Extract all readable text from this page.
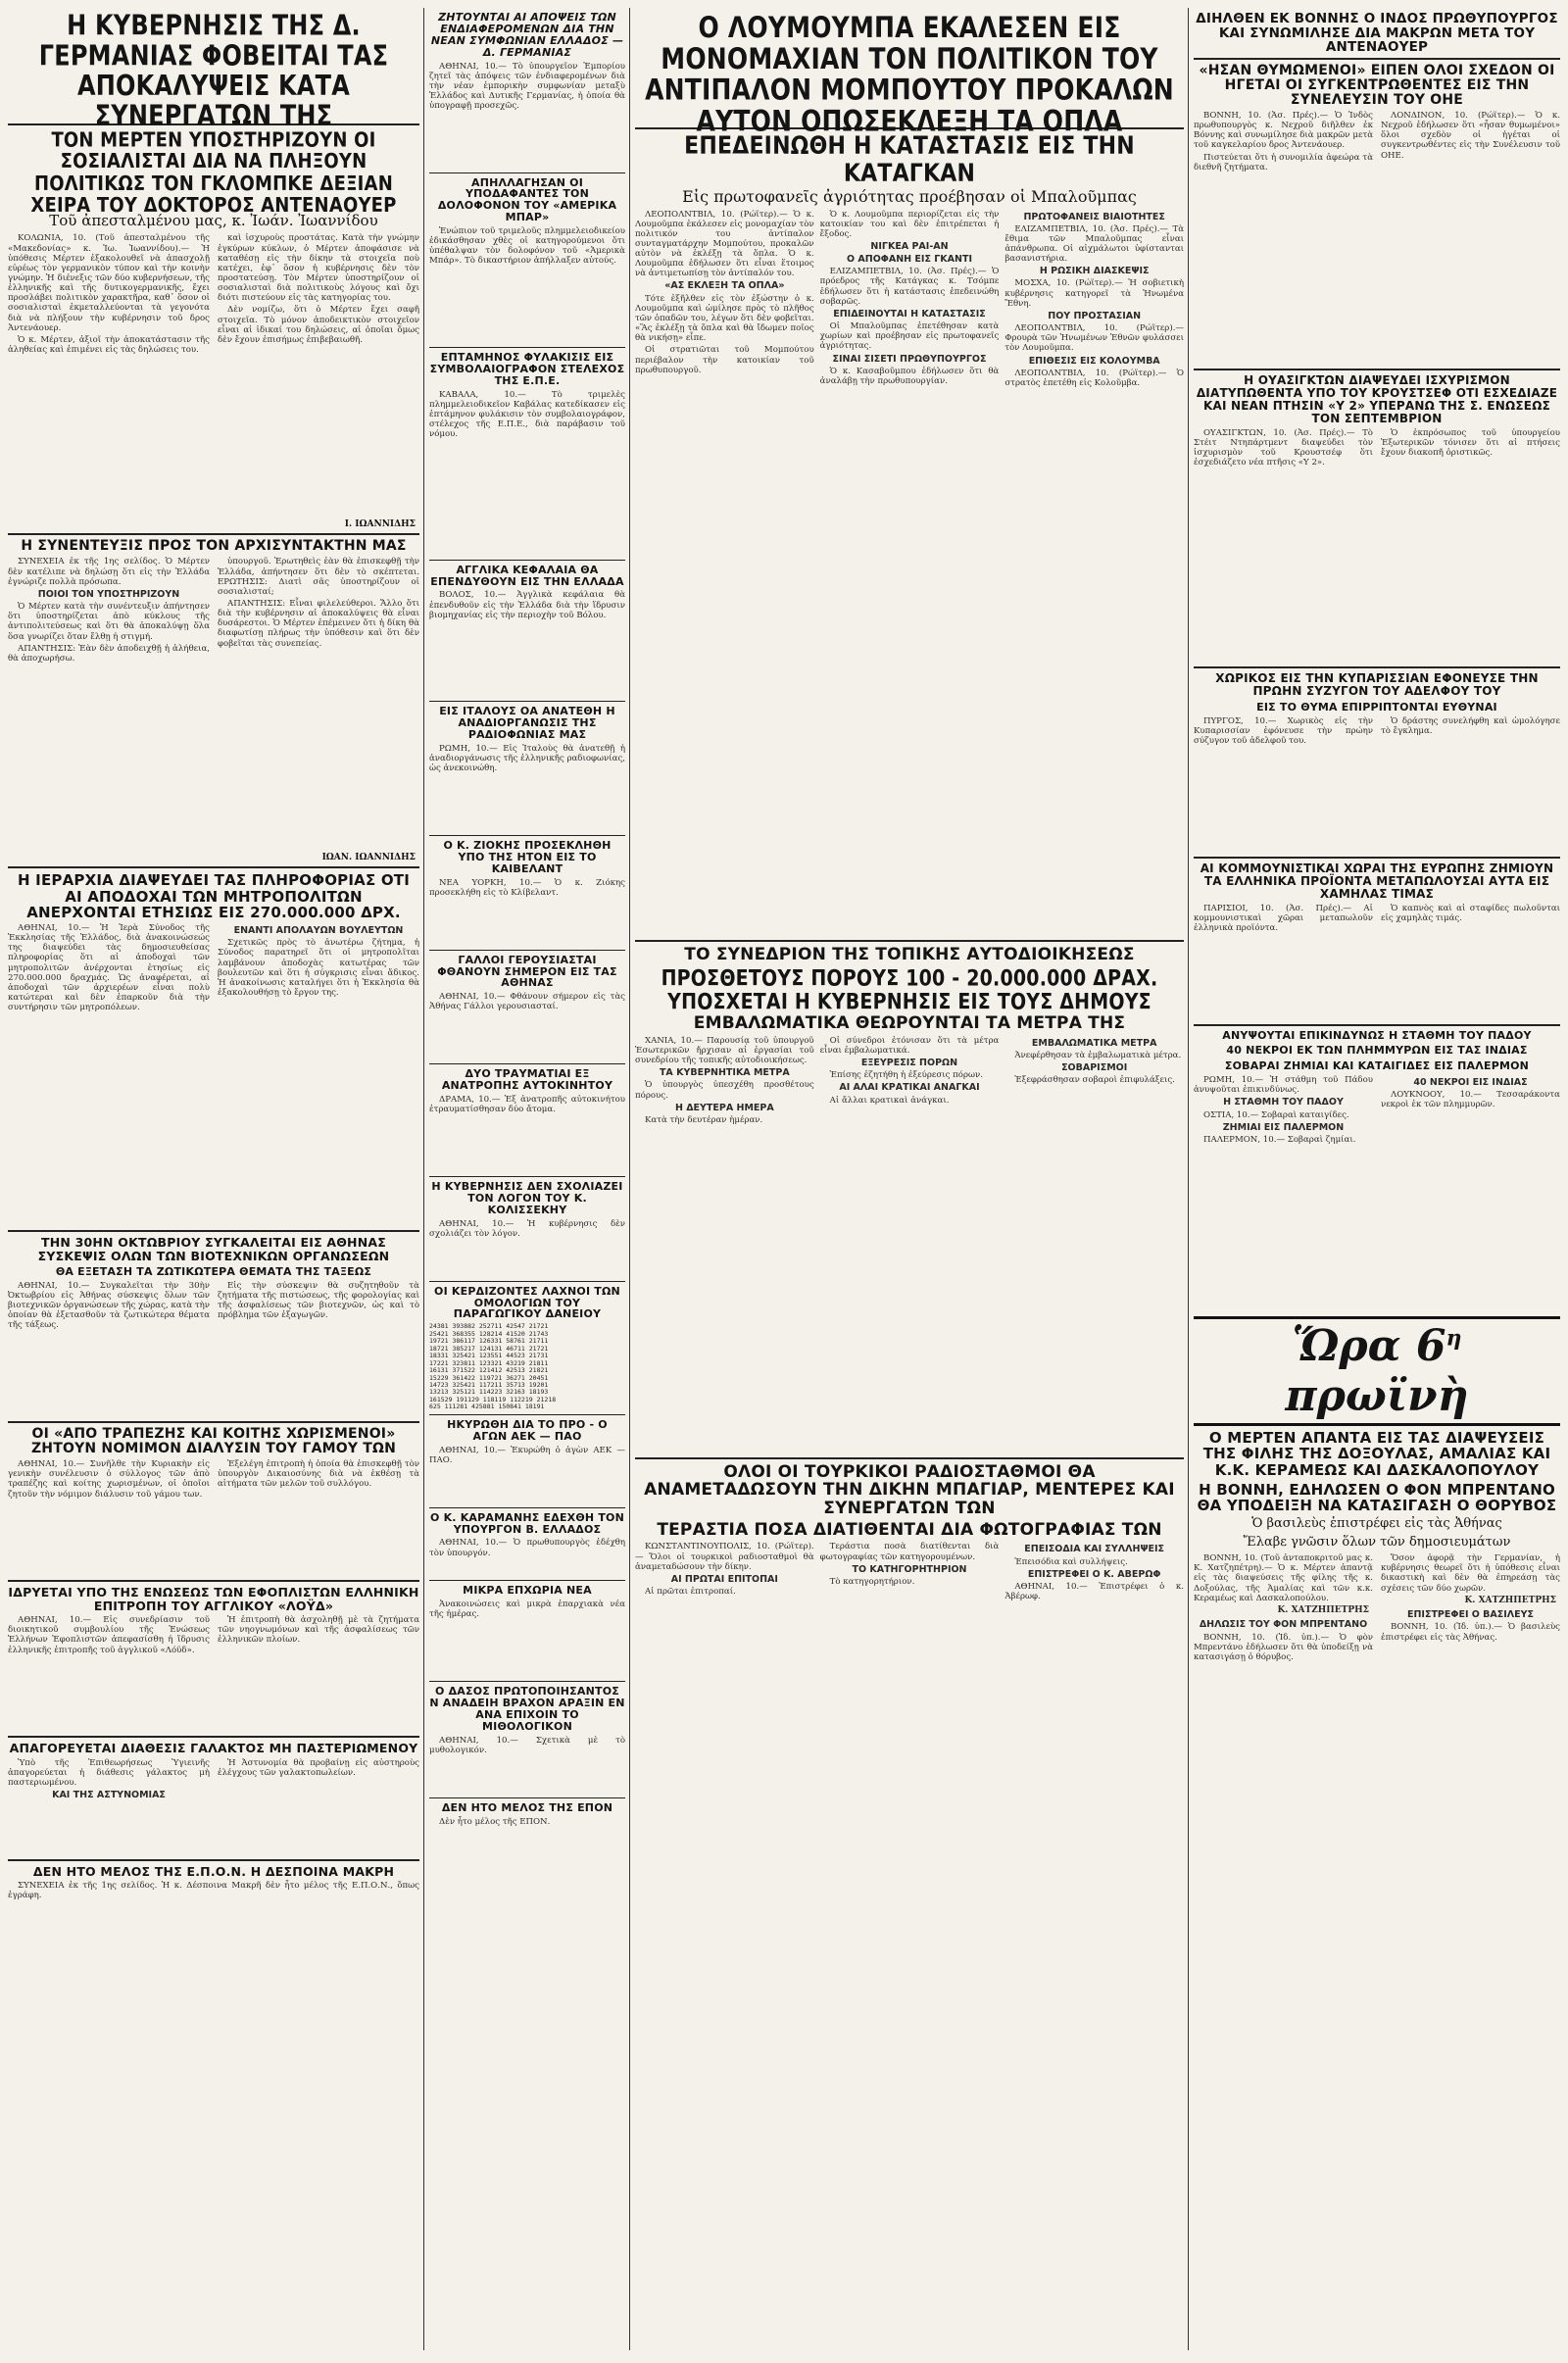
Η ΚΥΒΕΡΝΗΣΙΣ ΤΗΣ Δ. ΓΕΡΜΑΝΙΑΣ ΦΟΒΕΙΤΑΙ ΤΑΣ ΑΠΟΚΑΛΥΨΕΙΣ ΚΑΤΑ ΣΥΝΕΡΓΑΤΩΝ ΤΗΣ
ΤΟΝ ΜΕΡΤΕΝ ΥΠΟΣΤΗΡΙΖΟΥΝ ΟΙ ΣΟΣΙΑΛΙΣΤΑΙ ΔΙΑ ΝΑ ΠΛΗΞΟΥΝ ΠΟΛΙΤΙΚΩΣ ΤΟΝ ΓΚΛΟΜΠΚΕ ΔΕΞΙΑΝ ΧΕΙΡΑ ΤΟΥ ΔΟΚΤΟΡΟΣ ΑΝΤΕΝΑΟΥΕΡ
Τοῦ ἀπεσταλμένου μας, κ. Ἰωάν. Ἰωαννίδου

ΚΟΛΩΝΙΑ, 10. (Τοῦ ἀπεσταλμένου τῆς «Μακεδονίας» κ. Ἰω. Ἰωαννίδου).— Ἡ ὑπόθεσις Μέρτεν ἐξακολουθεῖ νὰ ἀπασχολῇ εὐρέως τὸν γερμανικὸν τύπον καὶ τὴν κοινὴν γνώμην. Ἡ διένεξις τῶν δύο κυβερνήσεων, τῆς ἑλληνικῆς καὶ τῆς δυτικογερμανικῆς, ἔχει προσλάβει πολιτικὸν χαρακτῆρα, καθ᾽ ὅσον οἱ σοσιαλισταὶ ἐκμεταλλεύονται τὰ γεγονότα διὰ νὰ πλήξουν τὴν κυβέρνησιν τοῦ δρος Ἀντενάουερ.

Ὁ κ. Μέρτεν, ἀξιοῖ τὴν ἀποκατάστασιν τῆς ἀληθείας καὶ ἐπιμένει εἰς τὰς δηλώσεις του.

καὶ ἰσχυροὺς προστάτας. Κατὰ τὴν γνώμην ἐγκύρων κύκλων, ὁ Μέρτεν ἀποφάσισε νὰ καταθέσῃ εἰς τὴν δίκην τὰ στοιχεῖα ποὺ κατέχει, ἐφ᾽ ὅσον ἡ κυβέρνησις δὲν τὸν προστατεύσῃ. Τὸν Μέρτεν ὑποστηρίζουν οἱ σοσιαλισταὶ διὰ πολιτικοὺς λόγους καὶ ὄχι διότι πιστεύουν εἰς τὰς κατηγορίας του.

Δὲν νομίζω, ὅτι ὁ Μέρτεν ἔχει σαφῆ στοιχεῖα. Τὸ μόνον ἀποδεικτικὸν στοιχεῖον εἶναι αἱ ἰδικαί του δηλώσεις, αἱ ὁποῖαι ὅμως δὲν ἔχουν ἐπισήμως ἐπιβεβαιωθῆ.

Ι. ΙΩΑΝΝΙΔΗΣ
Η ΣΥΝΕΝΤΕΥΞΙΣ ΠΡΟΣ ΤΟΝ ΑΡΧΙΣΥΝΤΑΚΤΗΝ ΜΑΣ

ΣΥΝΕΧΕΙΑ ἐκ τῆς 1ης σελίδος. Ὁ Μέρτεν δὲν κατέλιπε νὰ δηλώσῃ ὅτι εἰς τὴν Ἑλλάδα ἐγνώριζε πολλὰ πρόσωπα.

ΠΟΙΟΙ ΤΟΝ ΥΠΟΣΤΗΡΙΖΟΥΝ

Ὁ Μέρτεν κατὰ τὴν συνέντευξιν ἀπήντησεν ὅτι ὑποστηρίζεται ἀπὸ κύκλους τῆς ἀντιπολιτεύσεως καὶ ὅτι θὰ ἀποκαλύψῃ ὅλα ὅσα γνωρίζει ὅταν ἔλθῃ ἡ στιγμή.

ΑΠΑΝΤΗΣΙΣ: Ἐὰν δὲν ἀποδειχθῇ ἡ ἀλήθεια, θὰ ἀποχωρήσω.

ὑπουργοῦ. Ἐρωτηθεὶς ἐὰν θὰ ἐπισκεφθῇ τὴν Ἑλλάδα, ἀπήντησεν ὅτι δὲν τὸ σκέπτεται. ΕΡΩΤΗΣΙΣ: Διατὶ σᾶς ὑποστηρίζουν οἱ σοσιαλισταί;

ΑΠΑΝΤΗΣΙΣ: Εἶναι φιλελεύθεροι. Ἄλλο ὅτι διὰ τὴν κυβέρνησιν αἱ ἀποκαλύψεις θὰ εἶναι δυσάρεστοι. Ὁ Μέρτεν ἐπέμεινεν ὅτι ἡ δίκη θὰ διαφωτίσῃ πλήρως τὴν ὑπόθεσιν καὶ ὅτι δὲν φοβεῖται τὰς συνεπείας.

ΙΩΑΝ. ΙΩΑΝΝΙΔΗΣ
Η ΙΕΡΑΡΧΙΑ ΔΙΑΨΕΥΔΕΙ ΤΑΣ ΠΛΗΡΟΦΟΡΙΑΣ ΟΤΙ ΑΙ ΑΠΟΔΟΧΑΙ ΤΩΝ ΜΗΤΡΟΠΟΛΙΤΩΝ ΑΝΕΡΧΟΝΤΑΙ ΕΤΗΣΙΩΣ ΕΙΣ 270.000.000 ΔΡΧ.

ΑΘΗΝΑΙ, 10.— Ἡ Ἱερὰ Σύνοδος τῆς Ἐκκλησίας τῆς Ἑλλάδος, διὰ ἀνακοινώσεώς της διαψεύδει τὰς δημοσιευθείσας πληροφορίας ὅτι αἱ ἀποδοχαὶ τῶν μητροπολιτῶν ἀνέρχονται ἐτησίως εἰς 270.000.000 δραχμάς. Ὡς ἀναφέρεται, αἱ ἀποδοχαὶ τῶν ἀρχιερέων εἶναι πολὺ κατώτεραι καὶ δὲν ἐπαρκοῦν διὰ τὴν συντήρησιν τῶν μητροπόλεων.

ΕΝΑΝΤΙ ΑΠΟΛΑΥΩΝ ΒΟΥΛΕΥΤΩΝ

Σχετικῶς πρὸς τὸ ἀνωτέρω ζήτημα, ἡ Σύνοδος παρατηρεῖ ὅτι οἱ μητροπολῖται λαμβάνουν ἀποδοχὰς κατωτέρας τῶν βουλευτῶν καὶ ὅτι ἡ σύγκρισις εἶναι ἄδικος. Ἡ ἀνακοίνωσις καταλήγει ὅτι ἡ Ἐκκλησία θὰ ἐξακολουθήσῃ τὸ ἔργον της.

ΤΗΝ 30ΗΝ ΟΚΤΩΒΡΙΟΥ ΣΥΓΚΑΛΕΙΤΑΙ ΕΙΣ ΑΘΗΝΑΣ ΣΥΣΚΕΨΙΣ ΟΛΩΝ ΤΩΝ ΒΙΟΤΕΧΝΙΚΩΝ ΟΡΓΑΝΩΣΕΩΝ
ΘΑ ΕΞΕΤΑΣΗ ΤΑ ΖΩΤΙΚΩΤΕΡΑ ΘΕΜΑΤΑ ΤΗΣ ΤΑΞΕΩΣ

ΑΘΗΝΑΙ, 10.— Συγκαλεῖται τὴν 30ὴν Ὀκτωβρίου εἰς Ἀθήνας σύσκεψις ὅλων τῶν βιοτεχνικῶν ὀργανώσεων τῆς χώρας, κατὰ τὴν ὁποίαν θὰ ἐξετασθοῦν τὰ ζωτικώτερα θέματα τῆς τάξεως.

Εἰς τὴν σύσκεψιν θὰ συζητηθοῦν τὰ ζητήματα τῆς πιστώσεως, τῆς φορολογίας καὶ τῆς ἀσφαλίσεως τῶν βιοτεχνῶν, ὡς καὶ τὸ πρόβλημα τῶν ἐξαγωγῶν.

ΟΙ «ΑΠΟ ΤΡΑΠΕΖΗΣ ΚΑΙ ΚΟΙΤΗΣ ΧΩΡΙΣΜΕΝΟΙ» ΖΗΤΟΥΝ ΝΟΜΙΜΟΝ ΔΙΑΛΥΣΙΝ ΤΟΥ ΓΑΜΟΥ ΤΩΝ

ΑΘΗΝΑΙ, 10.— Συνῆλθε τὴν Κυριακὴν εἰς γενικὴν συνέλευσιν ὁ σύλλογος τῶν ἀπὸ τραπέζης καὶ κοίτης χωρισμένων, οἱ ὁποῖοι ζητοῦν τὴν νόμιμον διάλυσιν τοῦ γάμου των.

Ἐξελέγη ἐπιτροπὴ ἡ ὁποία θὰ ἐπισκεφθῇ τὸν ὑπουργὸν Δικαιοσύνης διὰ νὰ ἐκθέσῃ τὰ αἰτήματα τῶν μελῶν τοῦ συλλόγου.

ΙΔΡΥΕΤΑΙ ΥΠΟ ΤΗΣ ΕΝΩΣΕΩΣ ΤΩΝ ΕΦΟΠΛΙΣΤΩΝ ΕΛΛΗΝΙΚΗ ΕΠΙΤΡΟΠΗ ΤΟΥ ΑΓΓΛΙΚΟΥ «ΛΟΫΔ»

ΑΘΗΝΑΙ, 10.— Εἰς συνεδρίασιν τοῦ διοικητικοῦ συμβουλίου τῆς Ἑνώσεως Ἑλλήνων Ἐφοπλιστῶν ἀπεφασίσθη ἡ ἵδρυσις ἑλληνικῆς ἐπιτροπῆς τοῦ ἀγγλικοῦ «Λόϋδ».

Ἡ ἐπιτροπὴ θὰ ἀσχοληθῇ μὲ τὰ ζητήματα τῶν νηογνωμόνων καὶ τῆς ἀσφαλίσεως τῶν ἑλληνικῶν πλοίων.

ΑΠΑΓΟΡΕΥΕΤΑΙ ΔΙΑΘΕΣΙΣ ΓΑΛΑΚΤΟΣ ΜΗ ΠΑΣΤΕΡΙΩΜΕΝΟΥ

Ὑπὸ τῆς Ἐπιθεωρήσεως Ὑγιεινῆς ἀπαγορεύεται ἡ διάθεσις γάλακτος μὴ παστεριωμένου.

ΚΑΙ ΤΗΣ ΑΣΤΥΝΟΜΙΑΣ

Ἡ Ἀστυνομία θὰ προβαίνῃ εἰς αὐστηροὺς ἐλέγχους τῶν γαλακτοπωλείων.

ΔΕΝ ΗΤΟ ΜΕΛΟΣ ΤΗΣ Ε.Π.Ο.Ν. Η ΔΕΣΠΟΙΝΑ ΜΑΚΡΗ

ΣΥΝΕΧΕΙΑ ἐκ τῆς 1ης σελίδος. Ἡ κ. Δέσποινα Μακρῆ δὲν ἦτο μέλος τῆς Ε.Π.Ο.Ν., ὅπως ἐγράφη.

ΖΗΤΟΥΝΤΑΙ ΑΙ ΑΠΟΨΕΙΣ ΤΩΝ ΕΝΔΙΑΦΕΡΟΜΕΝΩΝ ΔΙΑ ΤΗΝ ΝΕΑΝ ΣΥΜΦΩΝΙΑΝ ΕΛΛΑΔΟΣ — Δ. ΓΕΡΜΑΝΙΑΣ

ΑΘΗΝΑΙ, 10.— Τὸ ὑπουργεῖον Ἐμπορίου ζητεῖ τὰς ἀπόψεις τῶν ἐνδιαφερομένων διὰ τὴν νέαν ἐμπορικὴν συμφωνίαν μεταξὺ Ἑλλάδος καὶ Δυτικῆς Γερμανίας, ἡ ὁποία θὰ ὑπογραφῇ προσεχῶς.

ΑΠΗΛΛΑΓΗΣΑΝ ΟΙ ΥΠΟΔΑΦΑΝΤΕΣ ΤΟΝ ΔΟΛΟΦΟΝΟΝ ΤΟΥ «ΑΜΕΡΙΚΑ ΜΠΑΡ»

Ἐνώπιον τοῦ τριμελοῦς πλημμελειοδικείου ἐδικάσθησαν χθὲς οἱ κατηγορούμενοι ὅτι ὑπέθαλψαν τὸν δολοφόνον τοῦ «Ἀμερικὰ Μπάρ». Τὸ δικαστήριον ἀπήλλαξεν αὐτούς.

ΕΠΤΑΜΗΝΟΣ ΦΥΛΑΚΙΣΙΣ ΕΙΣ ΣΥΜΒΟΛΑΙΟΓΡΑΦΟΝ ΣΤΕΛΕΧΟΣ ΤΗΣ Ε.Π.Ε.

ΚΑΒΑΛΑ, 10.— Τὸ τριμελὲς πλημμελειοδικεῖον Καβάλας κατεδίκασεν εἰς ἑπτάμηνον φυλάκισιν τὸν συμβολαιογράφον, στέλεχος τῆς Ε.Π.Ε., διὰ παράβασιν τοῦ νόμου.

ΑΓΓΛΙΚΑ ΚΕΦΑΛΑΙΑ ΘΑ ΕΠΕΝΔΥΘΟΥΝ ΕΙΣ ΤΗΝ ΕΛΛΑΔΑ

ΒΟΛΟΣ, 10.— Ἀγγλικὰ κεφάλαια θὰ ἐπενδυθοῦν εἰς τὴν Ἑλλάδα διὰ τὴν ἵδρυσιν βιομηχανίας εἰς τὴν περιοχὴν τοῦ Βόλου.

ΕΙΣ ΙΤΑΛΟΥΣ ΟΑ ΑΝΑΤΕΘΗ Η ΑΝΑΔΙΟΡΓΑΝΩΣΙΣ ΤΗΣ ΡΑΔΙΟΦΩΝΙΑΣ ΜΑΣ

ΡΩΜΗ, 10.— Εἰς Ἰταλοὺς θὰ ἀνατεθῇ ἡ ἀναδιοργάνωσις τῆς ἑλληνικῆς ραδιοφωνίας, ὡς ἀνεκοινώθη.

Ο Κ. ΖΙΟΚΗΣ ΠΡΟΣΕΚΛΗΘΗ ΥΠΟ ΤΗΣ ΗΤΟΝ ΕΙΣ ΤΟ ΚΑΙΒΕΛΑΝΤ

ΝΕΑ ΥΟΡΚΗ, 10.— Ὁ κ. Ζιόκης προσεκλήθη εἰς τὸ Κλίβελαντ.

ΓΑΛΛΟΙ ΓΕΡΟΥΣΙΑΣΤΑΙ ΦΘΑΝΟΥΝ ΣΗΜΕΡΟΝ ΕΙΣ ΤΑΣ ΑΘΗΝΑΣ

ΑΘΗΝΑΙ, 10.— Φθάνουν σήμερον εἰς τὰς Ἀθήνας Γάλλοι γερουσιασταί.

ΔΥΟ ΤΡΑΥΜΑΤΙΑΙ ΕΞ ΑΝΑΤΡΟΠΗΣ ΑΥΤΟΚΙΝΗΤΟΥ

ΔΡΑΜΑ, 10.— Ἐξ ἀνατροπῆς αὐτοκινήτου ἐτραυματίσθησαν δύο ἄτομα.

Η ΚΥΒΕΡΝΗΣΙΣ ΔΕΝ ΣΧΟΛΙΑΖΕΙ ΤΟΝ ΛΟΓΟΝ ΤΟΥ Κ. ΚΟΛΙΣΣΕΚΗΥ

ΑΘΗΝΑΙ, 10.— Ἡ κυβέρνησις δὲν σχολιάζει τὸν λόγον.

ΟΙ ΚΕΡΔΙΖΟΝΤΕΣ ΛΑΧΝΟΙ ΤΩΝ ΟΜΟΛΟΓΙΩΝ ΤΟΥ ΠΑΡΑΓΩΓΙΚΟΥ ΔΑΝΕΙΟΥ
24381 393882 252711 42547 21721
25421 368355 128214 41520 21743
19721 386117 126331 58761 21711
18721 385217 124131 46711 21721
18331 325421 123551 44523 21731
17221 323811 123321 43219 21811
16131 371522 121412 42513 21821
15229 361422 119721 36271 20451
14723 325421 117211 35713 19201
13213 325121 114223 32163 18193
161529 191129 118119 112219 21218
625 111281 425881 150841 18191
ΗΚΥΡΩΘΗ ΔΙΑ ΤΟ ΠΡΟ - Ο ΑΓΩΝ ΑΕΚ — ΠΑΟ

ΑΘΗΝΑΙ, 10.— Ἐκυρώθη ὁ ἀγὼν ΑΕΚ — ΠΑΟ.

Ο Κ. ΚΑΡΑΜΑΝΗΣ ΕΔΕΧΘΗ ΤΟΝ ΥΠΟΥΡΓΟΝ Β. ΕΛΛΑΔΟΣ

ΑΘΗΝΑΙ, 10.— Ὁ πρωθυπουργὸς ἐδέχθη τὸν ὑπουργόν.

ΜΙΚΡΑ ΕΠΧΩΡΙΑ ΝΕΑ

Ἀνακοινώσεις καὶ μικρὰ ἐπαρχιακὰ νέα τῆς ἡμέρας.

Ο ΔΑΣΟΣ ΠΡΩΤΟΠΟΙΗΣΑΝΤΟΣ Ν ΑΝΑΔΕΙΗ ΒΡΑΧΟΝ ΑΡΑΞΙΝ ΕΝ ΑΝΑ ΕΠΙΧΟΙΝ ΤΟ ΜΙΘΟΛΟΓΙΚΟΝ

ΑΘΗΝΑΙ, 10.— Σχετικὰ μὲ τὸ μυθολογικόν.

ΔΕΝ ΗΤΟ ΜΕΛΟΣ ΤΗΣ ΕΠΟΝ

Δὲν ἦτο μέλος τῆς ΕΠΟΝ.

Ο ΛΟΥΜΟΥΜΠΑ ΕΚΑΛΕΣΕΝ ΕΙΣ ΜΟΝΟΜΑΧΙΑΝ ΤΟΝ ΠΟΛΙΤΙΚΟΝ ΤΟΥ ΑΝΤΙΠΑΛΟΝ ΜΟΜΠΟΥΤΟΥ ΠΡΟΚΑΛΩΝ ΑΥΤΟΝ ΟΠΩΣΕΚΛΕΞΗ ΤΑ ΟΠΛΑ
ΕΠΕΔΕΙΝΩΘΗ Η ΚΑΤΑΣΤΑΣΙΣ ΕΙΣ ΤΗΝ ΚΑΤΑΓΚΑΝ
Εἰς πρωτοφανεῖς ἀγριότητας προέβησαν οἱ Μπαλοῦμπας

ΛΕΟΠΟΛΝΤΒΙΛ, 10. (Ρώϊτερ).— Ὁ κ. Λουμοῦμπα ἐκάλεσεν εἰς μονομαχίαν τὸν πολιτικόν του ἀντίπαλον συνταγματάρχην Μομπούτου, προκαλῶν αὐτὸν νὰ ἐκλέξῃ τὰ ὅπλα. Ὁ κ. Λουμοῦμπα ἐδήλωσεν ὅτι εἶναι ἕτοιμος νὰ ἀντιμετωπίσῃ τὸν ἀντίπαλόν του.

«ΑΣ ΕΚΛΕΞΗ ΤΑ ΟΠΛΑ»

Τότε ἐξῆλθεν εἰς τὸν ἐξώστην ὁ κ. Λουμοῦμπα καὶ ὡμίλησε πρὸς τὸ πλῆθος τῶν ὀπαδῶν του, λέγων ὅτι δὲν φοβεῖται. «Ἂς ἐκλέξῃ τὰ ὅπλα καὶ θὰ ἴδωμεν ποῖος θὰ νικήσῃ» εἶπε.

Οἱ στρατιῶται τοῦ Μομπούτου περιέβαλον τὴν κατοικίαν τοῦ πρωθυπουργοῦ.

Ὁ κ. Λουμοῦμπα περιορίζεται εἰς τὴν κατοικίαν του καὶ δὲν ἐπιτρέπεται ἡ ἔξοδος.

ΝΙΓΚΕΑ ΡΑΙ-ΑΝ
Ο ΑΠΟΦΑΝΗ ΕΙΣ ΓΚΑΝΤΙ

ΕΛΙΖΑΜΠΕΤΒΙΛ, 10. (Ἀσ. Πρές).— Ὁ πρόεδρος τῆς Κατάγκας κ. Τσόμπε ἐδήλωσεν ὅτι ἡ κατάστασις ἐπεδεινώθη σοβαρῶς.

ΕΠΙΔΕΙΝΟΥΤΑΙ Η ΚΑΤΑΣΤΑΣΙΣ

Οἱ Μπαλοῦμπας ἐπετέθησαν κατὰ χωρίων καὶ προέβησαν εἰς πρωτοφανεῖς ἀγριότητας.

ΣΙΝΑΙ ΣΙΣΕΤΙ ΠΡΩΘΥΠΟΥΡΓΟΣ

Ὁ κ. Κασαβοῦμπου ἐδήλωσεν ὅτι θὰ ἀναλάβῃ τὴν πρωθυπουργίαν.

ΠΡΩΤΟΦΑΝΕΙΣ ΒΙΑΙΟΤΗΤΕΣ

ΕΛΙΖΑΜΠΕΤΒΙΛ, 10. (Ἀσ. Πρές).— Τὰ ἔθιμα τῶν Μπαλοῦμπας εἶναι ἀπάνθρωπα. Οἱ αἰχμάλωτοι ὑφίστανται βασανιστήρια.

Η ΡΩΣΙΚΗ ΔΙΑΣΚΕΨΙΣ

ΜΟΣΧΑ, 10. (Ρώϊτερ).— Ἡ σοβιετικὴ κυβέρνησις κατηγορεῖ τὰ Ἡνωμένα Ἔθνη.

ΠΟΥ ΠΡΟΣΤΑΣΙΑΝ

ΛΕΟΠΟΛΝΤΒΙΛ, 10. (Ρώϊτερ).— Φρουρὰ τῶν Ἡνωμένων Ἐθνῶν φυλάσσει τὸν Λουμοῦμπα.

ΕΠΙΘΕΣΙΣ ΕΙΣ ΚΟΛΟΥΜΒΑ

ΛΕΟΠΟΛΝΤΒΙΛ, 10. (Ρώϊτερ).— Ὁ στρατὸς ἐπετέθη εἰς Κολοῦμβα.

ΔΙΗΛΘΕΝ ΕΚ ΒΟΝΝΗΣ Ο ΙΝΔΟΣ ΠΡΩΘΥΠΟΥΡΓΟΣ ΚΑΙ ΣΥΝΩΜΙΛΗΣΕ ΔΙΑ ΜΑΚΡΩΝ ΜΕΤΑ ΤΟΥ ΑΝΤΕΝΑΟΥΕΡ
«ΗΣΑΝ ΘΥΜΩΜΕΝΟΙ» ΕΙΠΕΝ ΟΛΟΙ ΣΧΕΔΟΝ ΟΙ ΗΓΕΤΑΙ ΟΙ ΣΥΓΚΕΝΤΡΩΘΕΝΤΕΣ ΕΙΣ ΤΗΝ ΣΥΝΕΛΕΥΣΙΝ ΤΟΥ ΟΗΕ

ΒΟΝΝΗ, 10. (Ἀσ. Πρές).— Ὁ Ἰνδὸς πρωθυπουργὸς κ. Νεχροῦ διῆλθεν ἐκ Βόννης καὶ συνωμίλησε διὰ μακρῶν μετὰ τοῦ καγκελαρίου δρος Ἀντενάουερ.

Πιστεύεται ὅτι ἡ συνομιλία ἀφεώρα τὰ διεθνῆ ζητήματα.

ΛΟΝΔΙΝΟΝ, 10. (Ρώϊτερ).— Ὁ κ. Νεχροῦ ἐδήλωσεν ὅτι «ἦσαν θυμωμένοι» ὅλοι σχεδὸν οἱ ἡγέται οἱ συγκεντρωθέντες εἰς τὴν Συνέλευσιν τοῦ ΟΗΕ.

Η ΟΥΑΣΙΓΚΤΩΝ ΔΙΑΨΕΥΔΕΙ ΙΣΧΥΡΙΣΜΟΝ ΔΙΑΤΥΠΩΘΕΝΤΑ ΥΠΟ ΤΟΥ ΚΡΟΥΣΤΣΕΦ ΟΤΙ ΕΣΧΕΔΙΑΖΕ ΚΑΙ ΝΕΑΝ ΠΤΗΣΙΝ «Υ 2» ΥΠΕΡΑΝΩ ΤΗΣ Σ. ΕΝΩΣΕΩΣ ΤΟΝ ΣΕΠΤΕΜΒΡΙΟΝ

ΟΥΑΣΙΓΚΤΩΝ, 10. (Ἀσ. Πρές).— Τὸ Στέιτ Ντηπάρτμεντ διαψεύδει τὸν ἰσχυρισμὸν τοῦ Κρουστσέφ ὅτι ἐσχεδιάζετο νέα πτῆσις «Υ 2».

Ὁ ἐκπρόσωπος τοῦ ὑπουργείου Ἐξωτερικῶν τόνισεν ὅτι αἱ πτήσεις ἔχουν διακοπῆ ὁριστικῶς.

ΧΩΡΙΚΟΣ ΕΙΣ ΤΗΝ ΚΥΠΑΡΙΣΣΙΑΝ ΕΦΟΝΕΥΣΕ ΤΗΝ ΠΡΩΗΝ ΣΥΖΥΓΟΝ ΤΟΥ ΑΔΕΛΦΟΥ ΤΟΥ
ΕΙΣ ΤΟ ΘΥΜΑ ΕΠΙΡΡΙΠΤΟΝΤΑΙ ΕΥΘΥΝΑΙ

ΠΥΡΓΟΣ, 10.— Χωρικὸς εἰς τὴν Κυπαρισσίαν ἐφόνευσε τὴν πρώην σύζυγον τοῦ ἀδελφοῦ του.

Ὁ δράστης συνελήφθη καὶ ὡμολόγησε τὸ ἔγκλημα.

ΑΙ ΚΟΜΜΟΥΝΙΣΤΙΚΑΙ ΧΩΡΑΙ ΤΗΣ ΕΥΡΩΠΗΣ ΖΗΜΙΟΥΝ ΤΑ ΕΛΛΗΝΙΚΑ ΠΡΟΪΟΝΤΑ ΜΕΤΑΠΩΛΟΥΣΑΙ ΑΥΤΑ ΕΙΣ ΧΑΜΗΛΑΣ ΤΙΜΑΣ

ΠΑΡΙΣΙΟΙ, 10. (Ἀσ. Πρές).— Αἱ κομμουνιστικαὶ χῶραι μεταπωλοῦν ἑλληνικὰ προϊόντα.

Ὁ καπνὸς καὶ αἱ σταφίδες πωλοῦνται εἰς χαμηλὰς τιμάς.

ΑΝΥΨΟΥΤΑΙ ΕΠΙΚΙΝΔΥΝΩΣ Η ΣΤΑΘΜΗ ΤΟΥ ΠΑΔΟΥ
40 ΝΕΚΡΟΙ ΕΚ ΤΩΝ ΠΛΗΜΜΥΡΩΝ ΕΙΣ ΤΑΣ ΙΝΔΙΑΣ
ΣΟΒΑΡΑΙ ΖΗΜΙΑΙ ΚΑΙ ΚΑΤΑΙΓΙΔΕΣ ΕΙΣ ΠΑΛΕΡΜΟΝ

ΡΩΜΗ, 10.— Ἡ στάθμη τοῦ Πάδου ἀνυψοῦται ἐπικινδύνως.

Η ΣΤΑΘΜΗ ΤΟΥ ΠΑΔΟΥ

ΟΣΤΙΑ, 10.— Σοβαραὶ καταιγίδες.

ΖΗΜΙΑΙ ΕΙΣ ΠΑΛΕΡΜΟΝ

ΠΑΛΕΡΜΟΝ, 10.— Σοβαραὶ ζημίαι.

40 ΝΕΚΡΟΙ ΕΙΣ ΙΝΔΙΑΣ

ΛΟΥΚΝΟΟΥ, 10.— Τεσσαράκοντα νεκροὶ ἐκ τῶν πλημμυρῶν.

Ὥρα $6^\eta$ πρωϊνὴ
Ο ΜΕΡΤΕΝ ΑΠΑΝΤΑ ΕΙΣ ΤΑΣ ΔΙΑΨΕΥΣΕΙΣ ΤΗΣ ΦΙΛΗΣ ΤΗΣ ΔΟΞΟΥΛΑΣ, ΑΜΑΛΙΑΣ ΚΑΙ Κ.Κ. ΚΕΡΑΜΕΩΣ ΚΑΙ ΔΑΣΚΑΛΟΠΟΥΛΟΥ
Η ΒΟΝΝΗ, ΕΔΗΛΩΣΕΝ Ο ΦΟΝ ΜΠΡΕΝΤΑΝΟ ΘΑ ΥΠΟΔΕΙΞΗ ΝΑ ΚΑΤΑΣΙΓΑΣΗ Ο ΘΟΡΥΒΟΣ
Ὁ βασιλεὺς ἐπιστρέφει εἰς τὰς Ἀθήνας
Ἔλαβε γνῶσιν ὅλων τῶν δημοσιευμάτων

ΒΟΝΝΗ, 10. (Τοῦ ἀνταποκριτοῦ μας κ. Κ. Χατζηπέτρη).— Ὁ κ. Μέρτεν ἀπαντᾷ εἰς τὰς διαψεύσεις τῆς φίλης τῆς κ. Δοξούλας, τῆς Ἀμαλίας καὶ τῶν κ.κ. Κεραμέως καὶ Δασκαλοπούλου.

Κ. ΧΑΤΖΗΠΕΤΡΗΣ
ΔΗΛΩΣΙΣ ΤΟΥ ΦΟΝ ΜΠΡΕΝΤΑΝΟ

ΒΟΝΝΗ, 10. (Ἰδ. ὑπ.).— Ὁ φὸν Μπρεντάνο ἐδήλωσεν ὅτι θὰ ὑποδείξῃ νὰ κατασιγάσῃ ὁ θόρυβος.

Ὅσον ἀφορᾷ τὴν Γερμανίαν, ἡ κυβέρνησις θεωρεῖ ὅτι ἡ ὑπόθεσις εἶναι δικαστικὴ καὶ δὲν θὰ ἐπηρεάσῃ τὰς σχέσεις τῶν δύο χωρῶν.

Κ. ΧΑΤΖΗΠΕΤΡΗΣ
ΕΠΙΣΤΡΕΦΕΙ Ο ΒΑΣΙΛΕΥΣ

ΒΟΝΝΗ, 10. (Ἰδ. ὑπ.).— Ὁ βασιλεὺς ἐπιστρέφει εἰς τὰς Ἀθήνας.

ΤΟ ΣΥΝΕΔΡΙΟΝ ΤΗΣ ΤΟΠΙΚΗΣ ΑΥΤΟΔΙΟΙΚΗΣΕΩΣ
ΠΡΟΣΘΕΤΟΥΣ ΠΟΡΟΥΣ 100 - 20.000.000 ΔΡΑΧ. ΥΠΟΣΧΕΤΑΙ Η ΚΥΒΕΡΝΗΣΙΣ ΕΙΣ ΤΟΥΣ ΔΗΜΟΥΣ
ΕΜΒΑΛΩΜΑΤΙΚΑ ΘΕΩΡΟΥΝΤΑΙ ΤΑ ΜΕΤΡΑ ΤΗΣ

ΧΑΝΙΑ, 10.— Παρουσίᾳ τοῦ ὑπουργοῦ Ἐσωτερικῶν ἤρχισαν αἱ ἐργασίαι τοῦ συνεδρίου τῆς τοπικῆς αὐτοδιοικήσεως.

ΤΑ ΚΥΒΕΡΝΗΤΙΚΑ ΜΕΤΡΑ

Ὁ ὑπουργὸς ὑπεσχέθη προσθέτους πόρους.

Η ΔΕΥΤΕΡΑ ΗΜΕΡΑ

Κατὰ τὴν δευτέραν ἡμέραν.

Οἱ σύνεδροι ἐτόνισαν ὅτι τὰ μέτρα εἶναι ἐμβαλωματικά.

ΕΞΕΥΡΕΣΙΣ ΠΟΡΩΝ

Ἐπίσης ἐζητήθη ἡ ἐξεύρεσις πόρων.

ΑΙ ΑΛΑΙ ΚΡΑΤΙΚΑΙ ΑΝΑΓΚΑΙ

Αἱ ἄλλαι κρατικαὶ ἀνάγκαι.

ΕΜΒΑΛΩΜΑΤΙΚΑ ΜΕΤΡΑ

Ἀνεφέρθησαν τὰ ἐμβαλωματικὰ μέτρα.

ΣΟΒΑΡΙΣΜΟΙ

Ἐξεφράσθησαν σοβαροὶ ἐπιφυλάξεις.

ΟΛΟΙ ΟΙ ΤΟΥΡΚΙΚΟΙ ΡΑΔΙΟΣΤΑΘΜΟΙ ΘΑ ΑΝΑΜΕΤΑΔΩΣΟΥΝ ΤΗΝ ΔΙΚΗΝ ΜΠΑΓΙΑΡ, ΜΕΝΤΕΡΕΣ ΚΑΙ ΣΥΝΕΡΓΑΤΩΝ ΤΩΝ
ΤΕΡΑΣΤΙΑ ΠΟΣΑ ΔΙΑΤΙΘΕΝΤΑΙ ΔΙΑ ΦΩΤΟΓΡΑΦΙΑΣ ΤΩΝ

ΚΩΝΣΤΑΝΤΙΝΟΥΠΟΛΙΣ, 10. (Ρώϊτερ).— Ὅλοι οἱ τουρκικοὶ ραδιοσταθμοὶ θὰ ἀναμεταδώσουν τὴν δίκην.

ΑΙ ΠΡΩΤΑΙ ΕΠΙΤΟΠΑΙ

Αἱ πρῶται ἐπιτροπαί.

Τεράστια ποσὰ διατίθενται διὰ φωτογραφίας τῶν κατηγορουμένων.

ΤΟ ΚΑΤΗΓΟΡΗΤΗΡΙΟΝ

Τὸ κατηγορητήριον.

ΕΠΕΙΣΟΔΙΑ ΚΑΙ ΣΥΛΛΗΨΕΙΣ

Ἐπεισόδια καὶ συλλήψεις.

ΕΠΙΣΤΡΕΦΕΙ Ο Κ. ΑΒΕΡΩΦ

ΑΘΗΝΑΙ, 10.— Ἐπιστρέφει ὁ κ. Ἀβέρωφ.
